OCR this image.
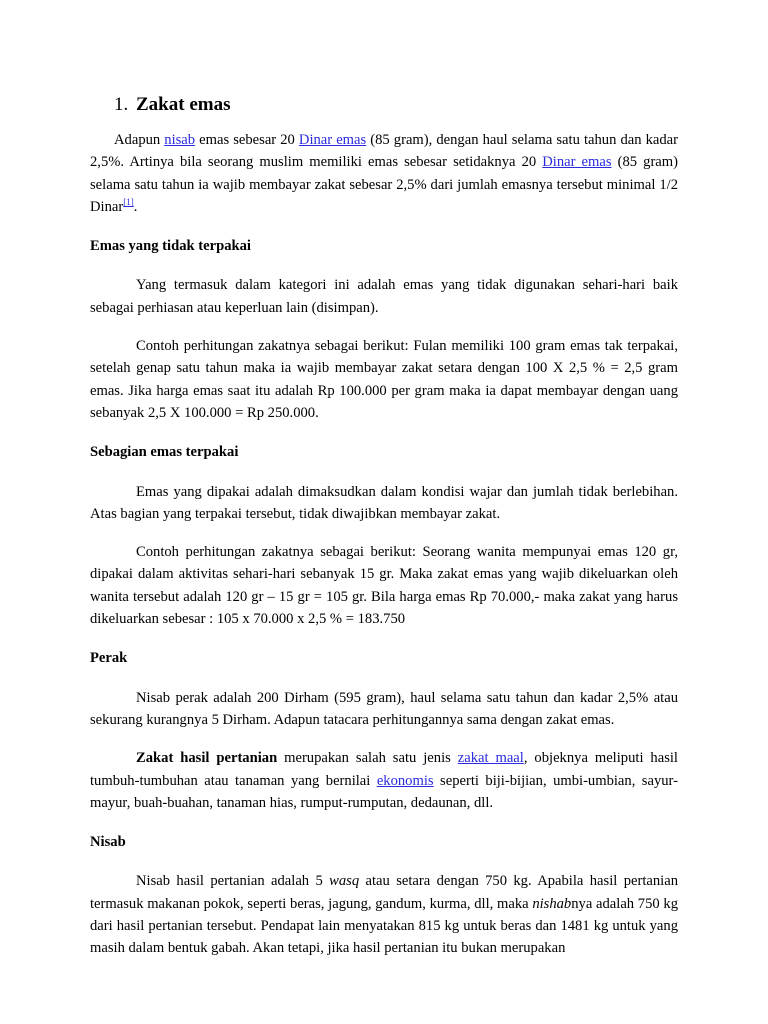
1. Zakat emas

Adapun nisab emas sebesar 20 Dinar emas (85 gram), dengan haul selama satu tahun dan kadar 2,5%. Artinya bila seorang muslim memiliki emas sebesar setidaknya 20 Dinar emas (85 gram) selama satu tahun ia wajib membayar zakat sebesar 2,5% dari jumlah emasnya tersebut minimal 1/2 Dinar[1].

Emas yang tidak terpakai

Yang termasuk dalam kategori ini adalah emas yang tidak digunakan sehari-hari baik sebagai perhiasan atau keperluan lain (disimpan).

Contoh perhitungan zakatnya sebagai berikut: Fulan memiliki 100 gram emas tak terpakai, setelah genap satu tahun maka ia wajib membayar zakat setara dengan 100 X 2,5 % = 2,5 gram emas. Jika harga emas saat itu adalah Rp 100.000 per gram maka ia dapat membayar dengan uang sebanyak 2,5 X 100.000 = Rp 250.000.

Sebagian emas terpakai

Emas yang dipakai adalah dimaksudkan dalam kondisi wajar dan jumlah tidak berlebihan. Atas bagian yang terpakai tersebut, tidak diwajibkan membayar zakat.

Contoh perhitungan zakatnya sebagai berikut: Seorang wanita mempunyai emas 120 gr, dipakai dalam aktivitas sehari-hari sebanyak 15 gr. Maka zakat emas yang wajib dikeluarkan oleh wanita tersebut adalah 120 gr – 15 gr = 105 gr. Bila harga emas Rp 70.000,- maka zakat yang harus dikeluarkan sebesar : 105 x 70.000 x 2,5 % = 183.750

Perak

Nisab perak adalah 200 Dirham (595 gram), haul selama satu tahun dan kadar 2,5% atau sekurang kurangnya 5 Dirham. Adapun tatacara perhitungannya sama dengan zakat emas.

Zakat hasil pertanian merupakan salah satu jenis zakat maal, objeknya meliputi hasil tumbuh-tumbuhan atau tanaman yang bernilai ekonomis seperti biji-bijian, umbi-umbian, sayur-mayur, buah-buahan, tanaman hias, rumput-rumputan, dedaunan, dll.

Nisab

Nisab hasil pertanian adalah 5 wasq atau setara dengan 750 kg. Apabila hasil pertanian termasuk makanan pokok, seperti beras, jagung, gandum, kurma, dll, maka nishabnya adalah 750 kg dari hasil pertanian tersebut. Pendapat lain menyatakan 815 kg untuk beras dan 1481 kg untuk yang masih dalam bentuk gabah. Akan tetapi, jika hasil pertanian itu bukan merupakan
